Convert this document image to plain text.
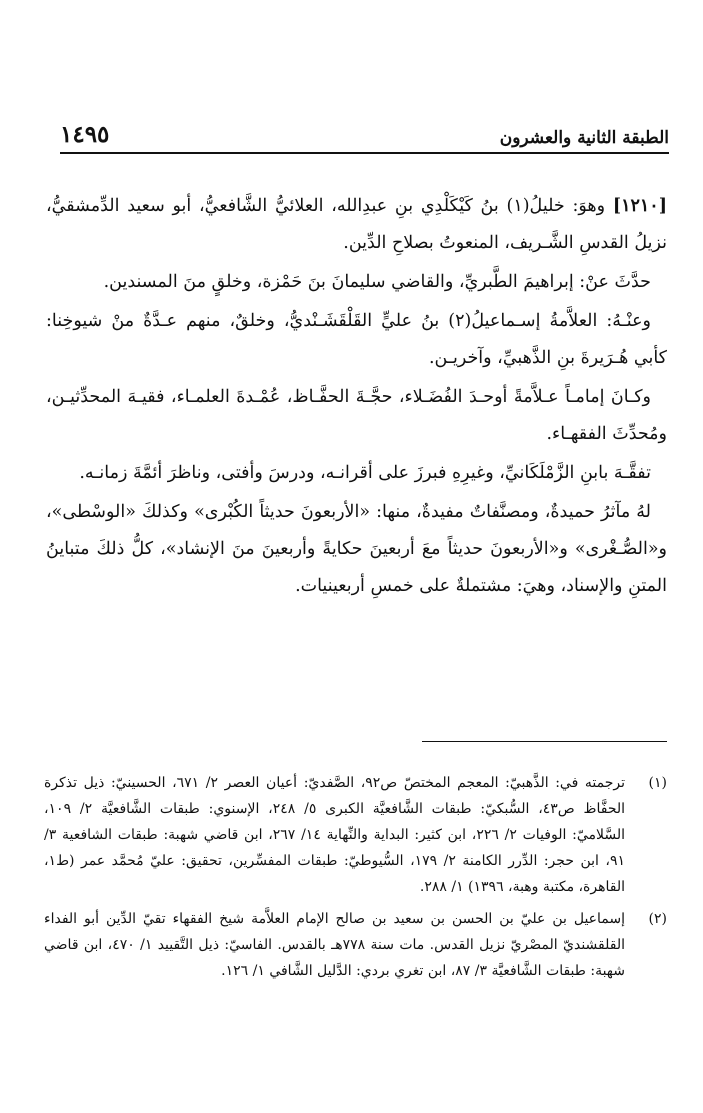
الطبقة الثانية والعشرون
١٤٩٥

[١٢١٠] وهوَ: خليلُ(١) بنُ كَيْكَلْدِي بنِ عبدِالله، العلائيُّ الشَّافعيُّ، أبو سعيد الدِّمشقيُّ، نزيلُ القدسِ الشَّـريف، المنعوتُ بصلاحِ الدِّين.

حدَّثَ عنْ: إبراهيمَ الطَّبريِّ، والقاضي سليمانَ بنَ حَمْزة، وخلقٍ منَ المسندين.

وعنْـهُ: العلاَّمةُ إسـماعيلُ(٢) بنُ عليٍّ القَلْقَشَـنْديُّ، وخلقٌ، منهم عـدَّةٌ منْ شيوخِنا: كأبي هُـرَيرةَ بنِ الذَّهبيِّ، وآخريـن.

وكـانَ إمامـاً عـلاَّمةً أوحـدَ الفُضَـلاء، حجَّـةَ الحفَّـاظ، عُمْـدةَ العلمـاء، فقيـهَ المحدِّثيـن، ومُحدِّثَ الفقهـاء.

تفقَّـهَ بابنِ الزَّمْلَكَانيِّ، وغيرِهِ فبرزَ على أقرانـه، ودرسَ وأفتى، وناظرَ أئمَّةَ زمانـه.

لهُ مآثرُ حميدةٌ، ومصنَّفاتٌ مفيدةٌ، منها: «الأربعونَ حديثاً الكُبْرى» وكذلكَ «الوسْطى»، و«الصُّـغْرى» و«الأربعونَ حديثاً معَ أربعينَ حكايةً وأربعينَ منَ الإنشاد»، كلُّ ذلكَ متباينُ المتنِ والإسناد، وهيَ: مشتملةٌ على خمسِ أربعينيات.

(١)
ترجمته في: الذَّهبيّ: المعجم المختصّ ص٩٢، الصَّفديّ: أعيان العصر ٢/ ٦٧١، الحسينيّ: ذيل تذكرة الحفَّاظ ص٤٣، السُّبكيّ: طبقات الشَّافعيَّة الكبرى ٥/ ٢٤٨، الإسنوي: طبقات الشَّافعيَّة ٢/ ١٠٩، السَّلاميّ: الوفيات ٢/ ٢٢٦، ابن كثير: البداية والنِّهاية ١٤/ ٢٦٧، ابن قاضي شهبة: طبقات الشافعية ٣/ ٩١، ابن حجر: الدِّرر الكامنة ٢/ ١٧٩، السُّيوطيّ: طبقات المفسِّرين، تحقيق: عليّ مُحمَّد عمر (ط١، القاهرة، مكتبة وهبة، ١٣٩٦) ١/ ٢٨٨.
(٢)
إسماعيل بن عليّ بن الحسن بن سعيد بن صالح الإمام العلاَّمة شيخ الفقهاء تقيّ الدِّين أبو الفداء القلقشنديّ المصْريّ نزيل القدس. مات سنة ٧٧٨هـ بالقدس. الفاسيّ: ذيل التَّقييد ١/ ٤٧٠، ابن قاضي شهبة: طبقات الشَّافعيَّة ٣/ ٨٧، ابن تغري بردي: الدَّليل الشَّافي ١/ ١٢٦.
